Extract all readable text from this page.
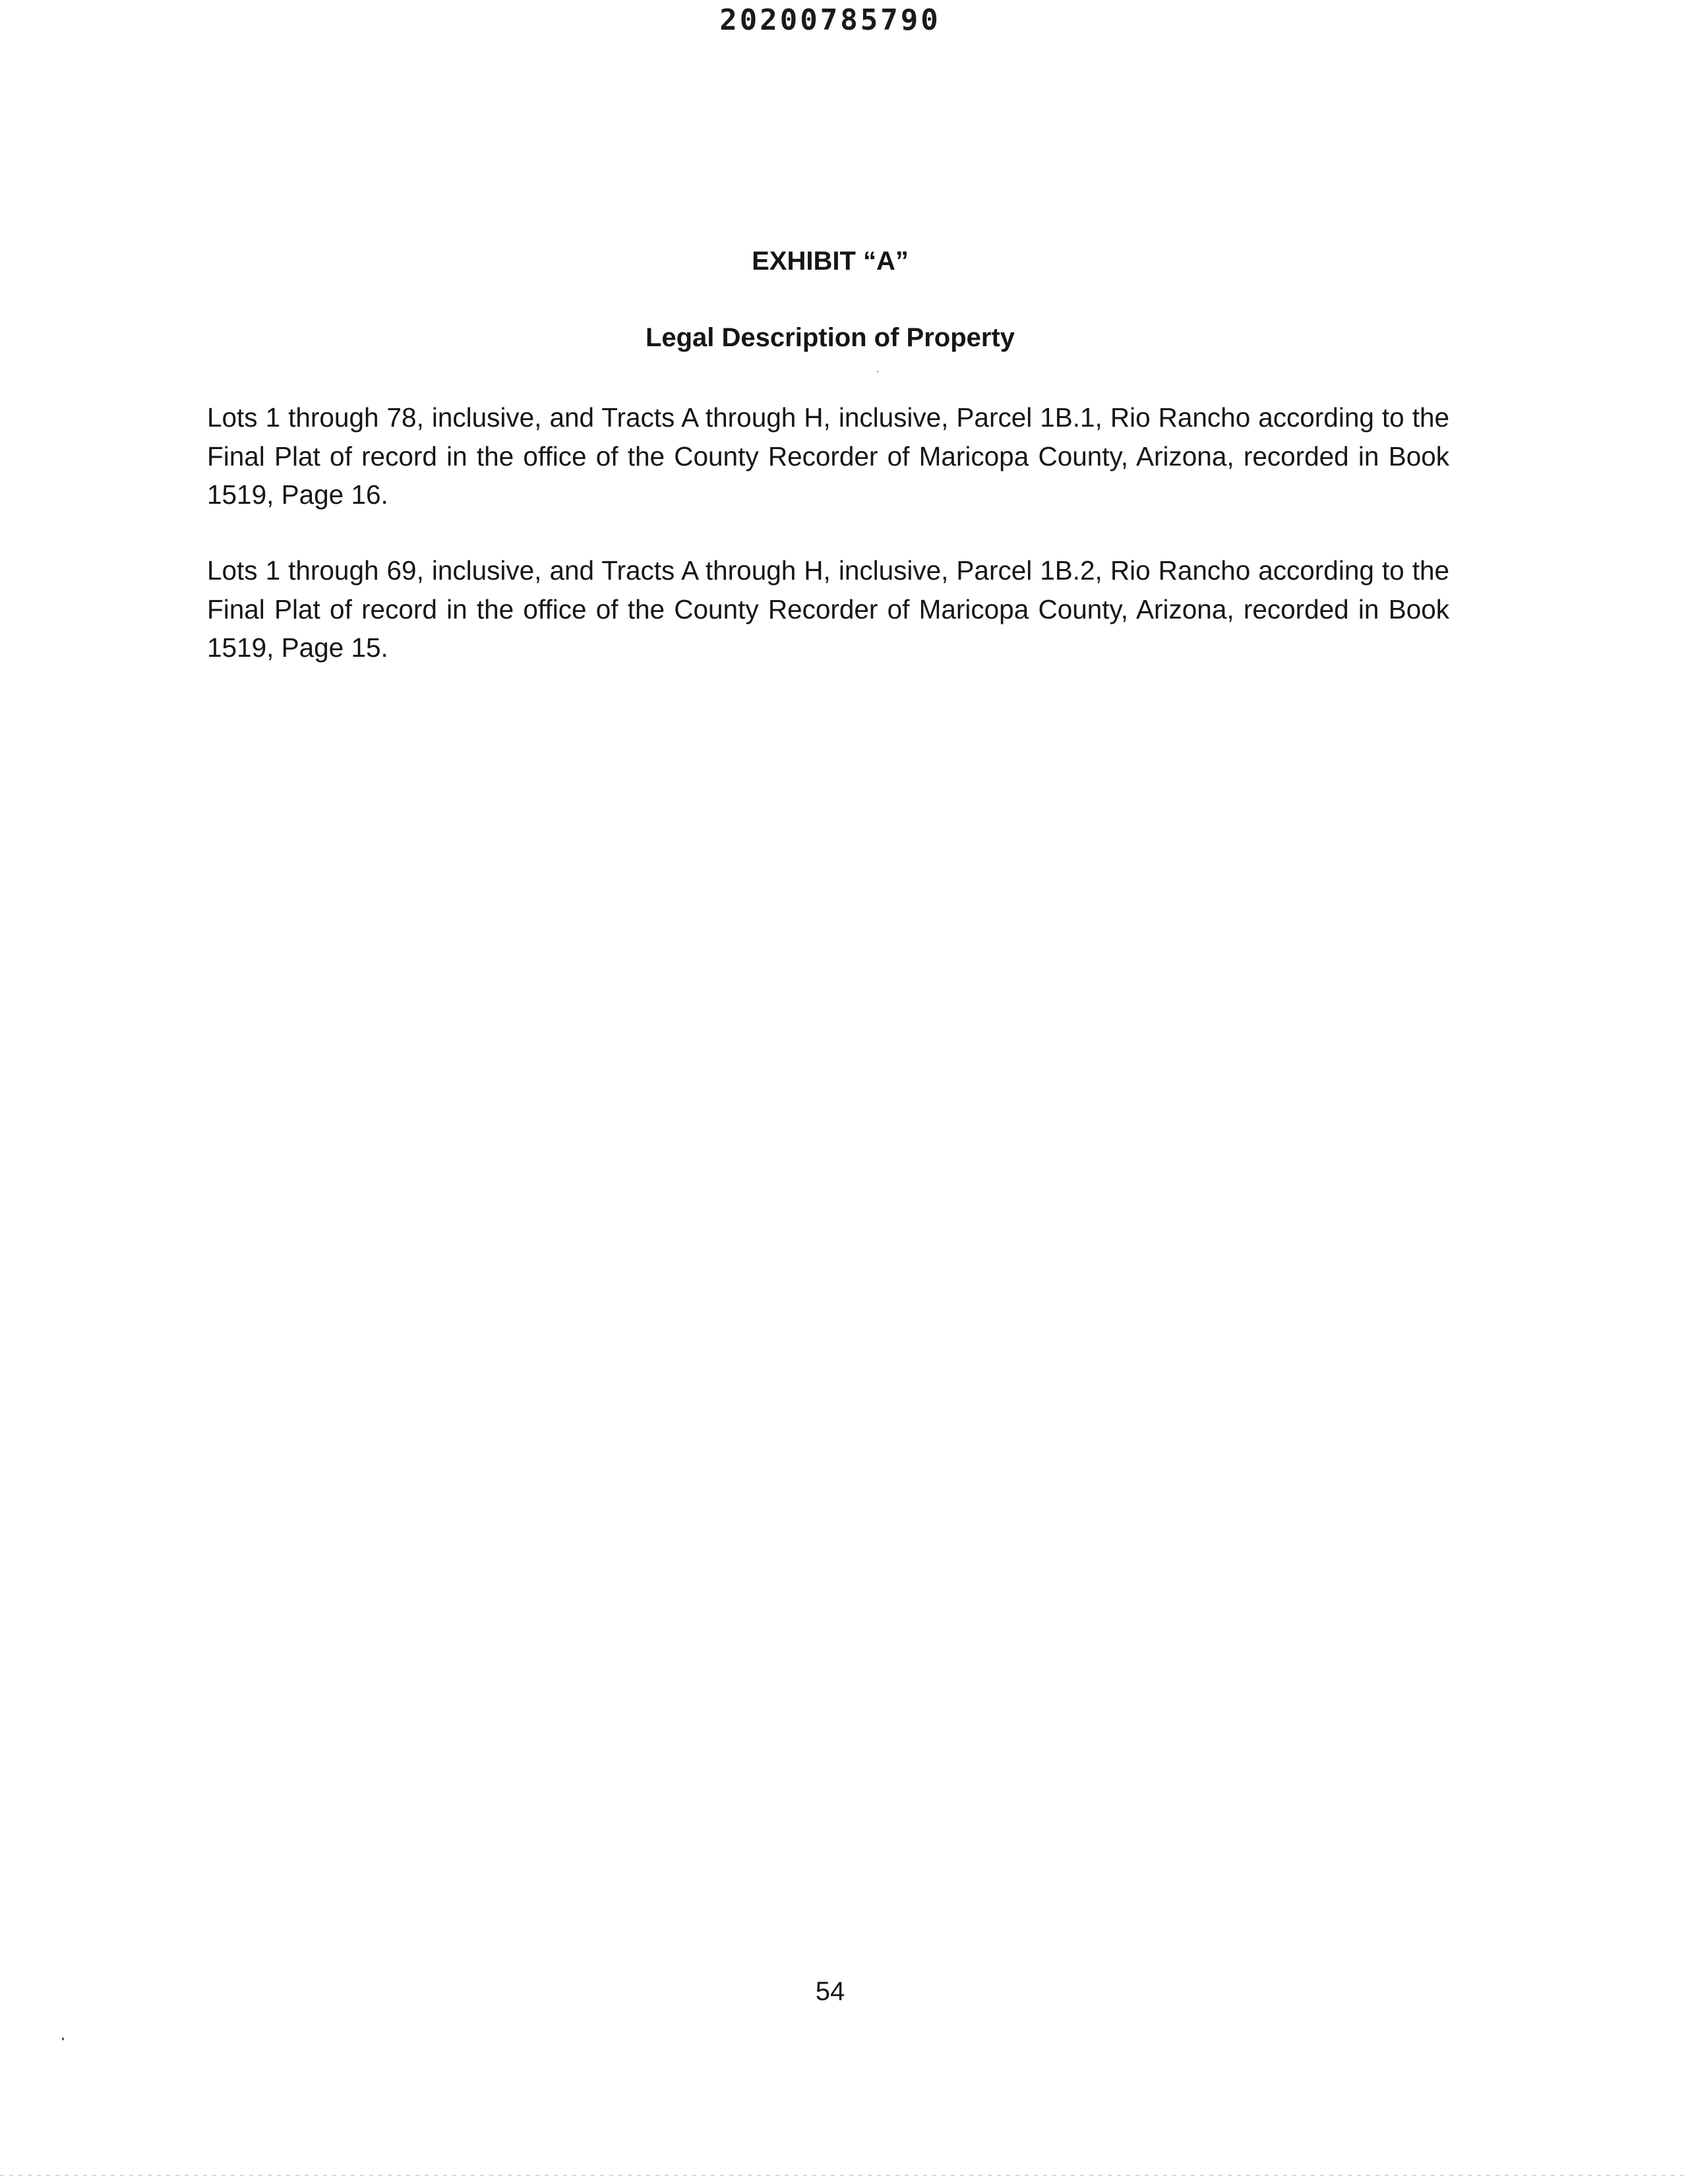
20200785790
EXHIBIT “A”
Legal Description of Property

Lots 1 through 78, inclusive, and Tracts A through H, inclusive, Parcel 1B.1, Rio Rancho according to the Final Plat of record in the office of the County Recorder of Maricopa County, Arizona, recorded in Book 1519, Page 16.

Lots 1 through 69, inclusive, and Tracts A through H, inclusive, Parcel 1B.2, Rio Rancho according to the Final Plat of record in the office of the County Recorder of Maricopa County, Arizona, recorded in Book 1519, Page 15.

54
